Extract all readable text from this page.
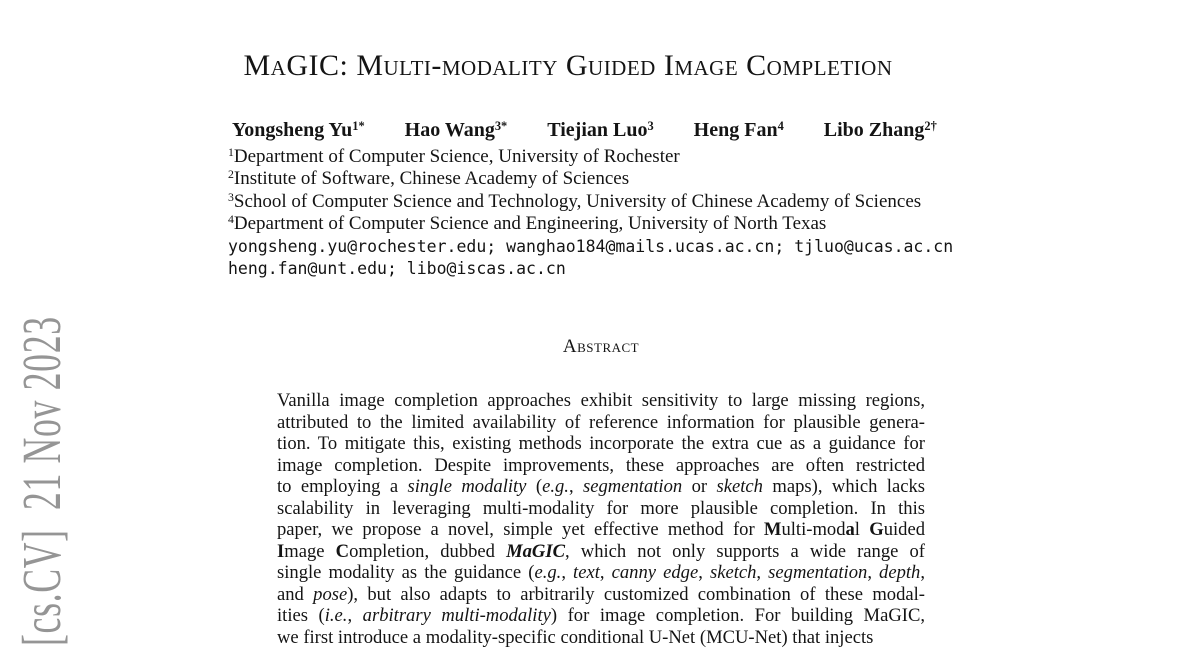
[cs.CV]  21 Nov 2023
MaGIC: Multi-modality Guided Image Completion
Yongsheng $Yu^{1*}$ Hao Wang$^{3*}$ Tiejian Luo$^3$ Heng Fan$^4$ Libo Zhang$^{2\dagger}$
$^1$Department of Computer Science, University of Rochester
$^2$Institute of Software, Chinese Academy of Sciences
$^3$School of Computer Science and Technology, University of Chinese Academy of Sciences
$^4$Department of Computer Science and Engineering, University of North Texas
yongsheng.yu@rochester.edu; wanghao184@mails.ucas.ac.cn; tjluo@ucas.ac.cn
heng.fan@unt.edu; libo@iscas.ac.cn
Abstract
Vanilla image completion approaches exhibit sensitivity to large missing regions,
attributed to the limited availability of reference information for plausible genera-
tion. To mitigate this, existing methods incorporate the extra cue as a guidance for
image completion. Despite improvements, these approaches are often restricted
to employing a single modality (e.g., segmentation or sketch maps), which lacks
scalability in leveraging multi-modality for more plausible completion. In this
paper, we propose a novel, simple yet effective method for Multi-modal Guided
Image Completion, dubbed MaGIC, which not only supports a wide range of
single modality as the guidance (e.g., text, canny edge, sketch, segmentation, depth,
and pose), but also adapts to arbitrarily customized combination of these modal-
ities (i.e., arbitrary multi-modality) for image completion. For building MaGIC,
we first introduce a modality-specific conditional U-Net (MCU-Net) that injects
